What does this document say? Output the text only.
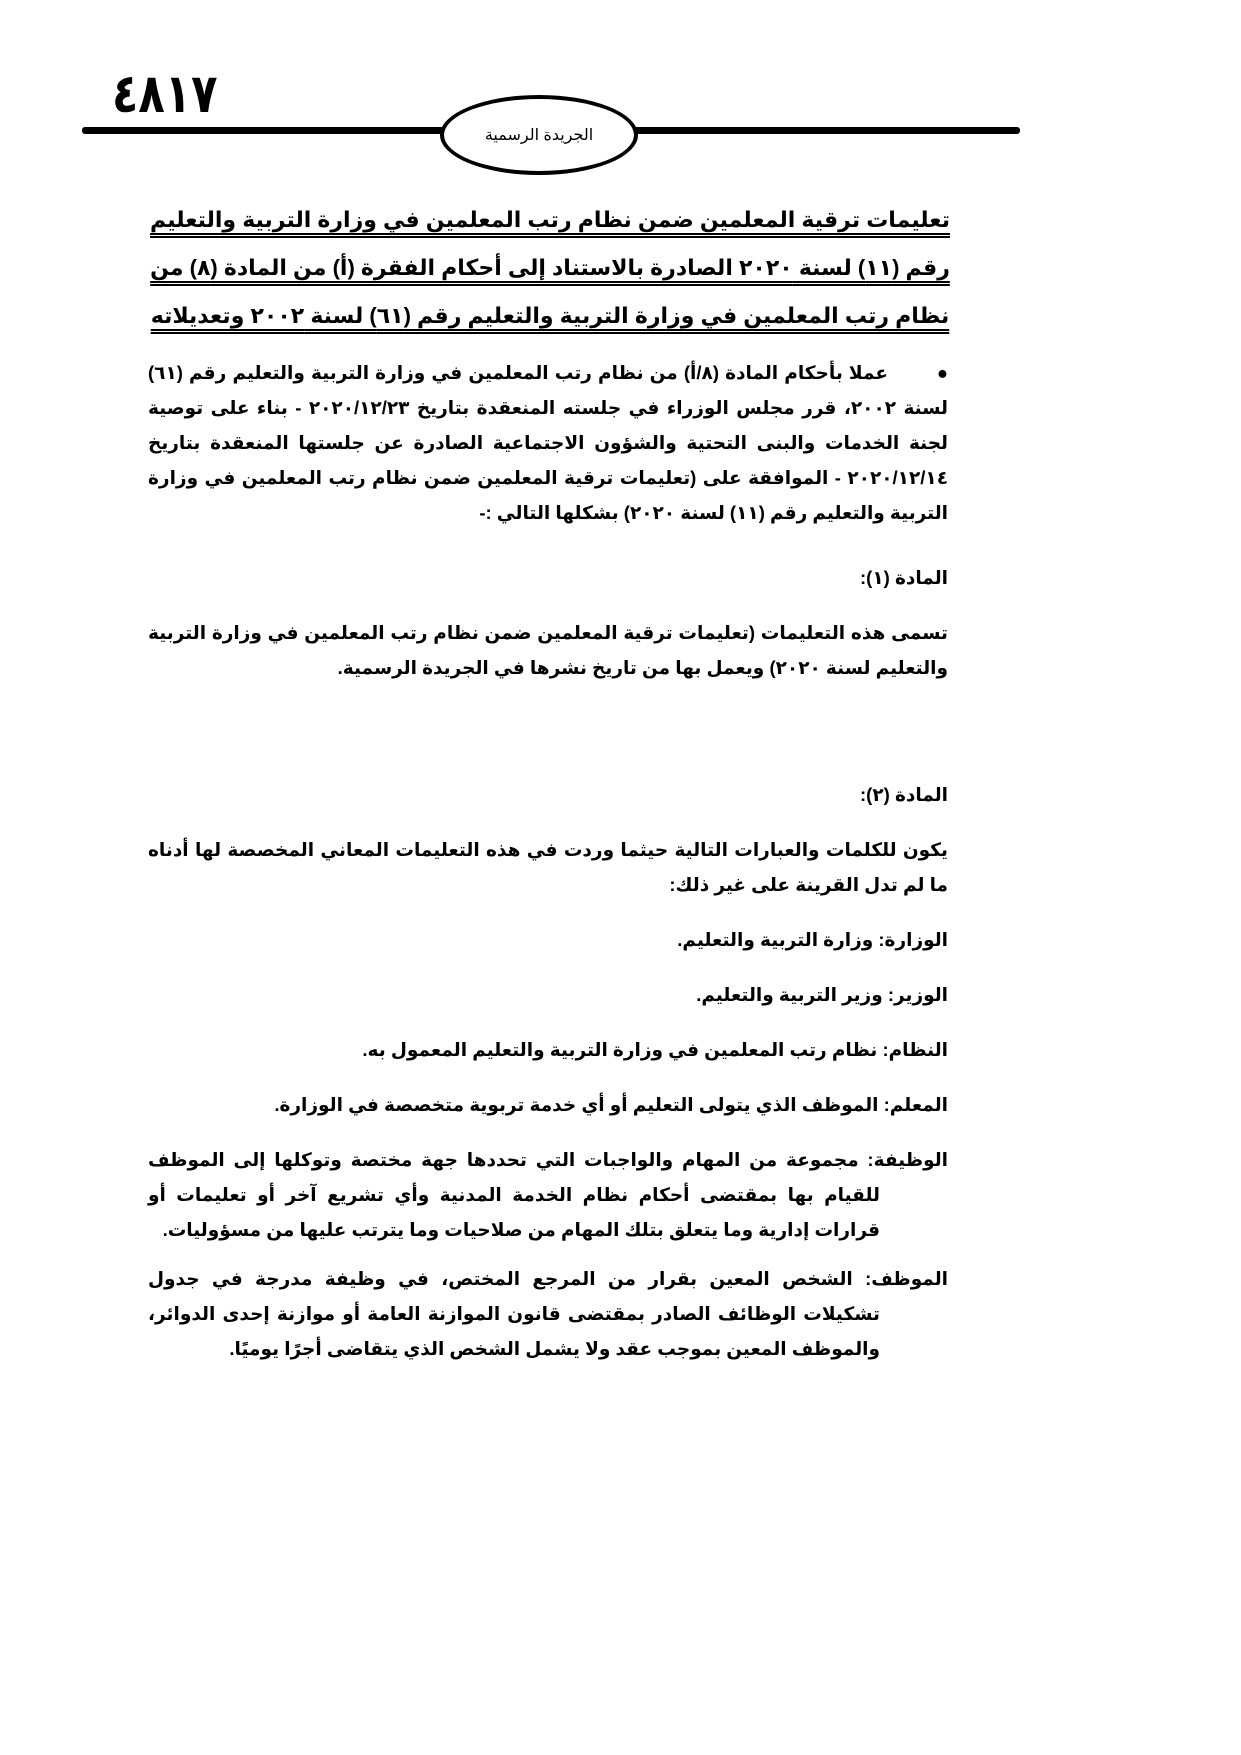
٤٨١٧
الجريدة الرسمية
تعليمات ترقية المعلمين ضمن نظام رتب المعلمين في وزارة التربية والتعليم رقم (١١) لسنة ٢٠٢٠ الصادرة بالاستناد إلى أحكام الفقرة (أ) من المادة (٨) من نظام رتب المعلمين في وزارة التربية والتعليم رقم (٦١) لسنة ٢٠٠٢ وتعديلاته

●عملا بأحكام المادة (٨/أ) من نظام رتب المعلمين في وزارة التربية والتعليم رقم (٦١) لسنة ٢٠٠٢، قرر مجلس الوزراء في جلسته المنعقدة بتاريخ ٢٠٢٠/١٢/٢٣ - بناء على توصية لجنة الخدمات والبنى التحتية والشؤون الاجتماعية الصادرة عن جلستها المنعقدة بتاريخ ٢٠٢٠/١٢/١٤ - الموافقة على (تعليمات ترقية المعلمين ضمن نظام رتب المعلمين في وزارة التربية والتعليم رقم (١١) لسنة ٢٠٢٠) بشكلها التالي :-

المادة (١):

تسمى هذه التعليمات (تعليمات ترقية المعلمين ضمن نظام رتب المعلمين في وزارة التربية والتعليم لسنة ٢٠٢٠) ويعمل بها من تاريخ نشرها في الجريدة الرسمية.

المادة (٢):

يكون للكلمات والعبارات التالية حيثما وردت في هذه التعليمات المعاني المخصصة لها أدناه ما لم تدل القرينة على غير ذلك:

الوزارة: وزارة التربية والتعليم.

الوزير: وزير التربية والتعليم.

النظام: نظام رتب المعلمين في وزارة التربية والتعليم المعمول به.

المعلم: الموظف الذي يتولى التعليم أو أي خدمة تربوية متخصصة في الوزارة.

الوظيفة: مجموعة من المهام والواجبات التي تحددها جهة مختصة وتوكلها إلى الموظف للقيام بها بمقتضى أحكام نظام الخدمة المدنية وأي تشريع آخر أو تعليمات أو قرارات إدارية وما يتعلق بتلك المهام من صلاحيات وما يترتب عليها من مسؤوليات.

الموظف: الشخص المعين بقرار من المرجع المختص، في وظيفة مدرجة في جدول تشكيلات الوظائف الصادر بمقتضى قانون الموازنة العامة أو موازنة إحدى الدوائر، والموظف المعين بموجب عقد ولا يشمل الشخص الذي يتقاضى أجرًا يوميًا.
